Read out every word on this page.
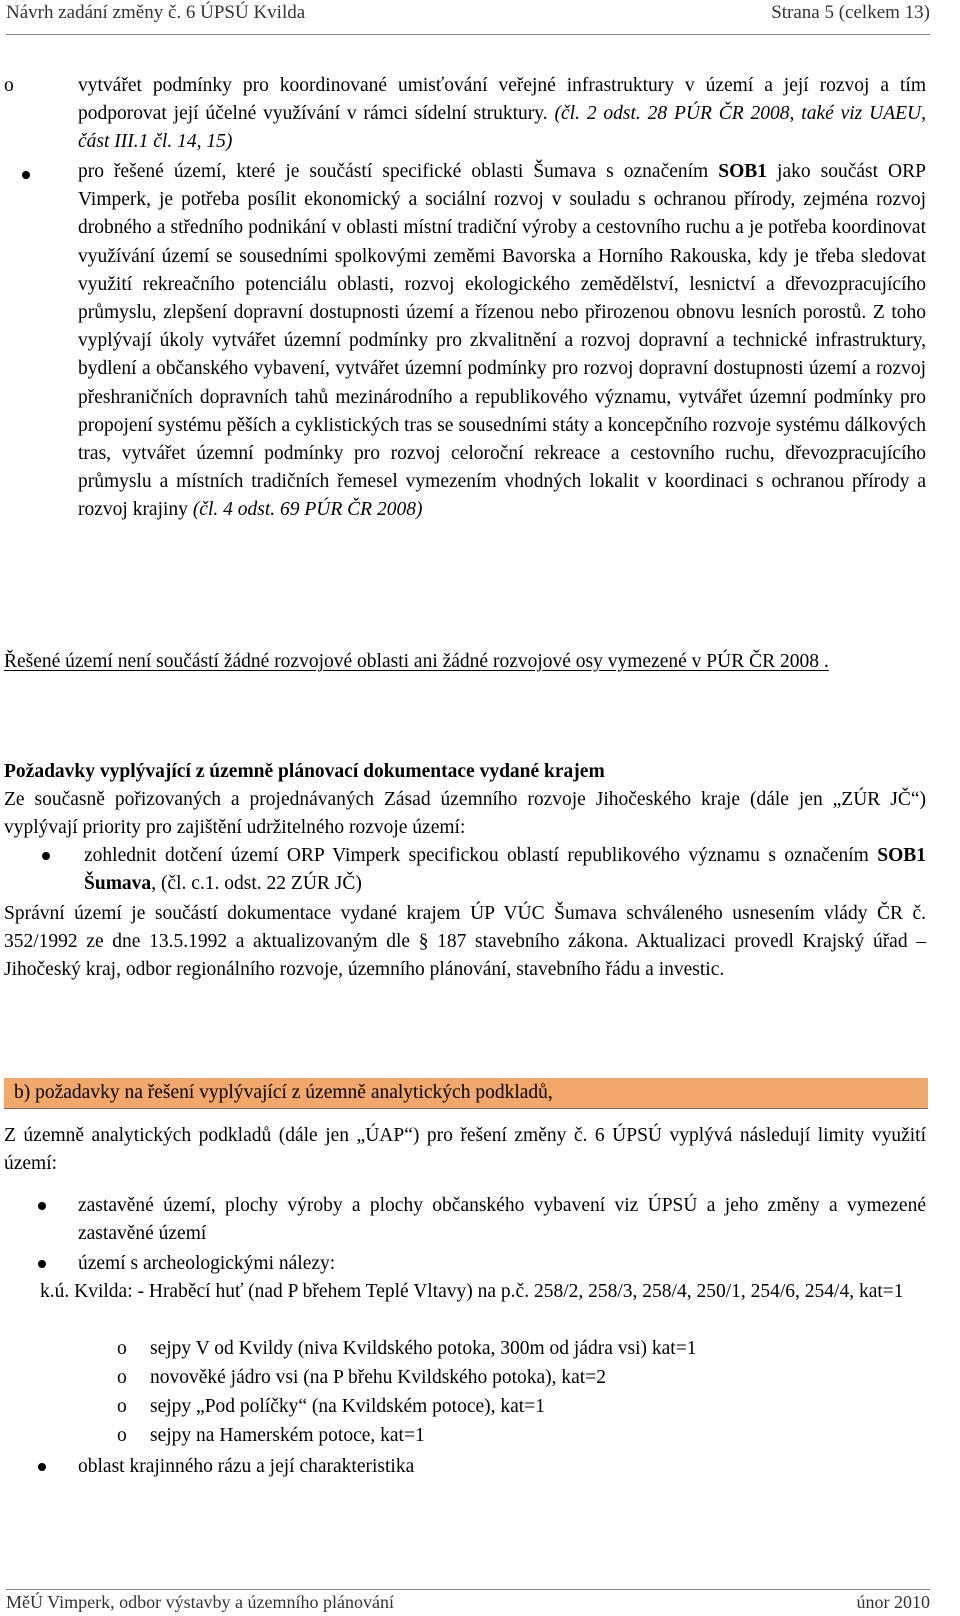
Návrh zadání změny č. 6 ÚPSÚ Kvilda	Strana 5 (celkem 13)
o	vytvářet podmínky pro koordinované umisťování veřejné infrastruktury v území a její rozvoj a tím podporovat její účelné využívání v rámci sídelní struktury. (čl. 2 odst. 28 PÚR ČR 2008, také viz UAEU, část III.1 čl. 14, 15)
pro řešené území, které je součástí specifické oblasti Šumava s označením SOB1 jako součást ORP Vimperk, je potřeba posílit ekonomický a sociální rozvoj v souladu s ochranou přírody, zejména rozvoj drobného a středního podnikání v oblasti místní tradiční výroby a cestovního ruchu a je potřeba koordinovat využívání území se sousedními spolkovými zeměmi Bavorska a Horního Rakouska, kdy je třeba sledovat využití rekreačního potenciálu oblasti, rozvoj ekologického zemědělství, lesnictví a dřevozpracujícího průmyslu, zlepšení dopravní dostupnosti území a řízenou nebo přirozenou obnovu lesních porostů. Z toho vyplývají úkoly vytvářet územní podmínky pro zkvalitnění a rozvoj dopravní a technické infrastruktury, bydlení a občanského vybavení, vytvářet územní podmínky pro rozvoj dopravní dostupnosti území a rozvoj přeshraničních dopravních tahů mezinárodního a republikového významu, vytvářet územní podmínky pro propojení systému pěších a cyklistických tras se sousedními státy a koncepčního rozvoje systému dálkových tras, vytvářet územní podmínky pro rozvoj celoroční rekreace a cestovního ruchu, dřevozpracujícího průmyslu a místních tradičních řemesel vymezením vhodných lokalit v koordinaci s ochranou přírody a rozvoj krajiny (čl. 4 odst. 69 PÚR ČR 2008)
Řešené území není součástí žádné rozvojové oblasti ani žádné rozvojové osy vymezené v PÚR ČR 2008 .
Požadavky vyplývající z územně plánovací dokumentace vydané krajem
Ze současně pořizovaných a projednávaných Zásad územního rozvoje Jihočeského kraje (dále jen „ZÚR JČ“) vyplývají priority pro zajištění udržitelného rozvoje území:
zohlednit dotčení území ORP Vimperk specifickou oblastí republikového významu s označením SOB1 Šumava, (čl. c.1. odst. 22 ZÚR JČ)
Správní území je součástí dokumentace vydané krajem ÚP VÚC Šumava schváleného usnesením vlády ČR č. 352/1992 ze dne 13.5.1992 a aktualizovaným dle § 187 stavebního zákona. Aktualizaci provedl Krajský úřad – Jihočeský kraj, odbor regionálního rozvoje, územního plánování, stavebního řádu a investic.
b) požadavky na řešení vyplývající z územně analytických podkladů,
Z územně analytických podkladů (dále jen „ÚAP“) pro řešení změny č. 6 ÚPSÚ vyplývá následují limity využití území:
zastavěné území, plochy výroby a plochy občanského vybavení viz ÚPSÚ a jeho změny a vymezené zastavěné území
území s archeologickými nálezy:
k.ú. Kvilda: - Hraběcí huť (nad P břehem Teplé Vltavy) na p.č. 258/2, 258/3, 258/4, 250/1, 254/6, 254/4, kat=1
o sejpy V od Kvildy (niva Kvildského potoka, 300m od jádra vsi) kat=1
o novověké jádro vsi (na P břehu Kvildského potoka), kat=2
o sejpy „Pod políčky“ (na Kvildském potoce), kat=1
o sejpy na Hamerském potoce, kat=1
oblast krajinného rázu a její charakteristika
MěÚ Vimperk, odbor výstavby a územního plánování	únor 2010
